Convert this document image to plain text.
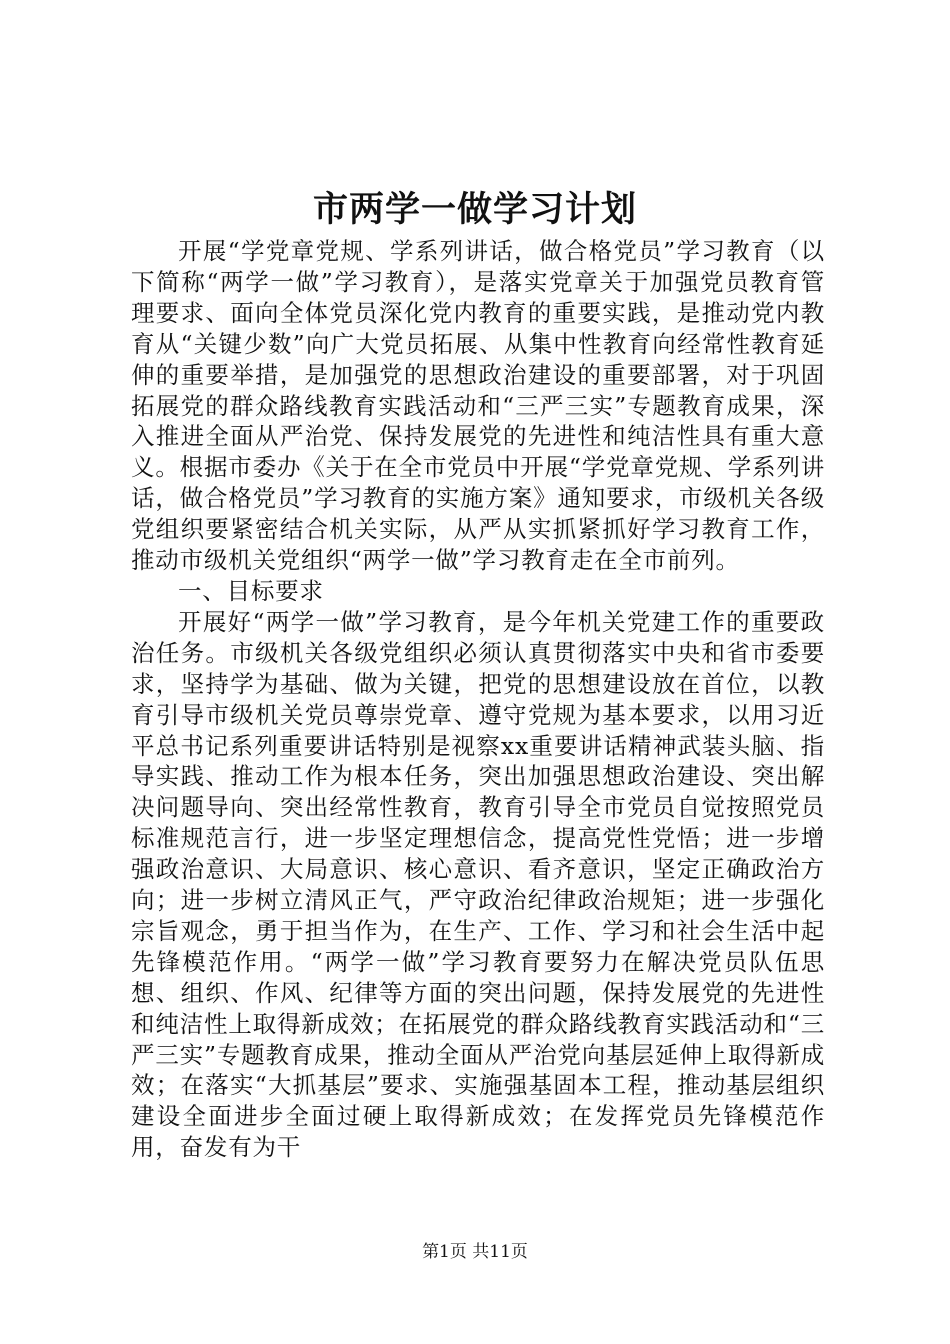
市两学一做学习计划

开展“学党章党规、学系列讲话，做合格党员”学习教育（以下简称“两学一做”学习教育），是落实党章关于加强党员教育管理要求、面向全体党员深化党内教育的重要实践，是推动党内教育从“关键少数”向广大党员拓展、从集中性教育向经常性教育延伸的重要举措，是加强党的思想政治建设的重要部署，对于巩固拓展党的群众路线教育实践活动和“三严三实”专题教育成果，深入推进全面从严治党、保持发展党的先进性和纯洁性具有重大意义。根据市委办《关于在全市党员中开展“学党章党规、学系列讲话，做合格党员”学习教育的实施方案》通知要求，市级机关各级党组织要紧密结合机关实际，从严从实抓紧抓好学习教育工作，推动市级机关党组织“两学一做”学习教育走在全市前列。

一、目标要求

开展好“两学一做”学习教育，是今年机关党建工作的重要政治任务。市级机关各级党组织必须认真贯彻落实中央和省市委要求，坚持学为基础、做为关键，把党的思想建设放在首位，以教育引导市级机关党员尊崇党章、遵守党规为基本要求，以用习近平总书记系列重要讲话特别是视察xx重要讲话精神武装头脑、指导实践、推动工作为根本任务，突出加强思想政治建设、突出解决问题导向、突出经常性教育，教育引导全市党员自觉按照党员标准规范言行，进一步坚定理想信念，提高党性党悟；进一步增强政治意识、大局意识、核心意识、看齐意识，坚定正确政治方向；进一步树立清风正气，严守政治纪律政治规矩；进一步强化宗旨观念，勇于担当作为，在生产、工作、学习和社会生活中起先锋模范作用。“两学一做”学习教育要努力在解决党员队伍思想、组织、作风、纪律等方面的突出问题，保持发展党的先进性和纯洁性上取得新成效；在拓展党的群众路线教育实践活动和“三严三实”专题教育成果，推动全面从严治党向基层延伸上取得新成效；在落实“大抓基层”要求、实施强基固本工程，推动基层组织建设全面进步全面过硬上取得新成效；在发挥党员先锋模范作用，奋发有为干

第1页 共11页
